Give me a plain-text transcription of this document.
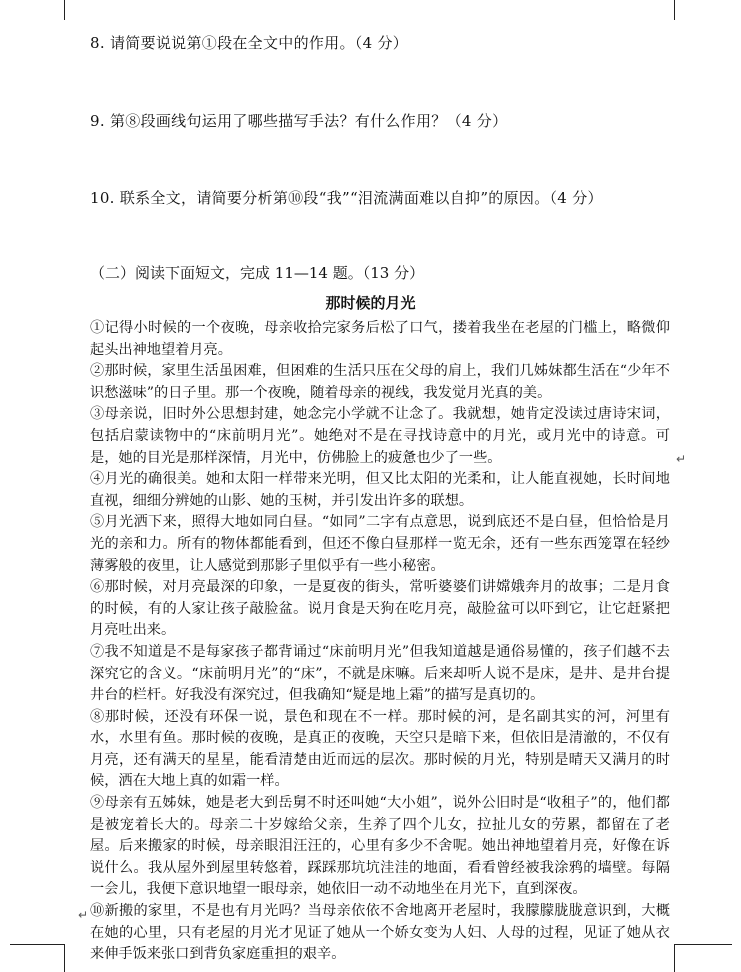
8. 请简要说说第①段在全文中的作用。（4 分）
9. 第⑧段画线句运用了哪些描写手法？有什么作用？（4 分）
10. 联系全文，请简要分析第⑩段“我”“泪流满面难以自抑”的原因。（4 分）
（二）阅读下面短文，完成 11—14 题。（13 分）
那时候的月光

①记得小时候的一个夜晚，母亲收拾完家务后松了口气，搂着我坐在老屋的门槛上，略微仰起头出神地望着月亮。

②那时候，家里生活虽困难，但困难的生活只压在父母的肩上，我们几姊妹都生活在“少年不识愁滋味”的日子里。那一个夜晚，随着母亲的视线，我发觉月光真的美。

③母亲说，旧时外公思想封建，她念完小学就不让念了。我就想，她肯定没读过唐诗宋词，包括启蒙读物中的“床前明月光”。她绝对不是在寻找诗意中的月光，或月光中的诗意。可是，她的目光是那样深情，月光中，仿佛脸上的疲惫也少了一些。

④月光的确很美。她和太阳一样带来光明，但又比太阳的光柔和，让人能直视她，长时间地直视，细细分辨她的山影、她的玉树，并引发出许多的联想。

⑤月光洒下来，照得大地如同白昼。“如同”二字有点意思，说到底还不是白昼，但恰恰是月光的亲和力。所有的物体都能看到，但还不像白昼那样一览无余，还有一些东西笼罩在轻纱薄雾般的夜里，让人感觉到那影子里似乎有一些小秘密。

⑥那时候，对月亮最深的印象，一是夏夜的街头，常听婆婆们讲嫦娥奔月的故事；二是月食的时候，有的人家让孩子敲脸盆。说月食是天狗在吃月亮，敲脸盆可以吓到它，让它赶紧把月亮吐出来。

⑦我不知道是不是每家孩子都背诵过“床前明月光”但我知道越是通俗易懂的，孩子们越不去深究它的含义。“床前明月光”的“床”，不就是床嘛。后来却听人说不是床，是井、是井台提井台的栏杆。好我没有深究过，但我确知“疑是地上霜”的描写是真切的。

⑧那时候，还没有环保一说，景色和现在不一样。那时候的河，是名副其实的河，河里有水，水里有鱼。那时候的夜晚，是真正的夜晚，天空只是暗下来，但依旧是清澈的，不仅有月亮，还有满天的星星，能看清楚由近而远的层次。那时候的月光，特别是晴天又满月的时候，洒在大地上真的如霜一样。

⑨母亲有五姊妹，她是老大到岳舅不时还叫她“大小姐”，说外公旧时是“收租子”的，他们都是被宠着长大的。母亲二十岁嫁给父亲，生养了四个儿女，拉扯儿女的劳累，都留在了老屋。后来搬家的时候，母亲眼泪汪汪的，心里有多少不舍呢。她出神地望着月亮，好像在诉说什么。我从屋外到屋里转悠着，踩踩那坑坑洼洼的地面，看看曾经被我涂鸦的墙壁。每隔一会儿，我便下意识地望一眼母亲，她依旧一动不动地坐在月光下，直到深夜。

⑩新搬的家里，不是也有月光吗？当母亲依依不舍地离开老屋时，我朦朦胧胧意识到，大概在她的心里，只有老屋的月光才见证了她从一个娇女变为人妇、人母的过程，见证了她从衣来伸手饭来张口到背负家庭重担的艰辛。

↵
↵
